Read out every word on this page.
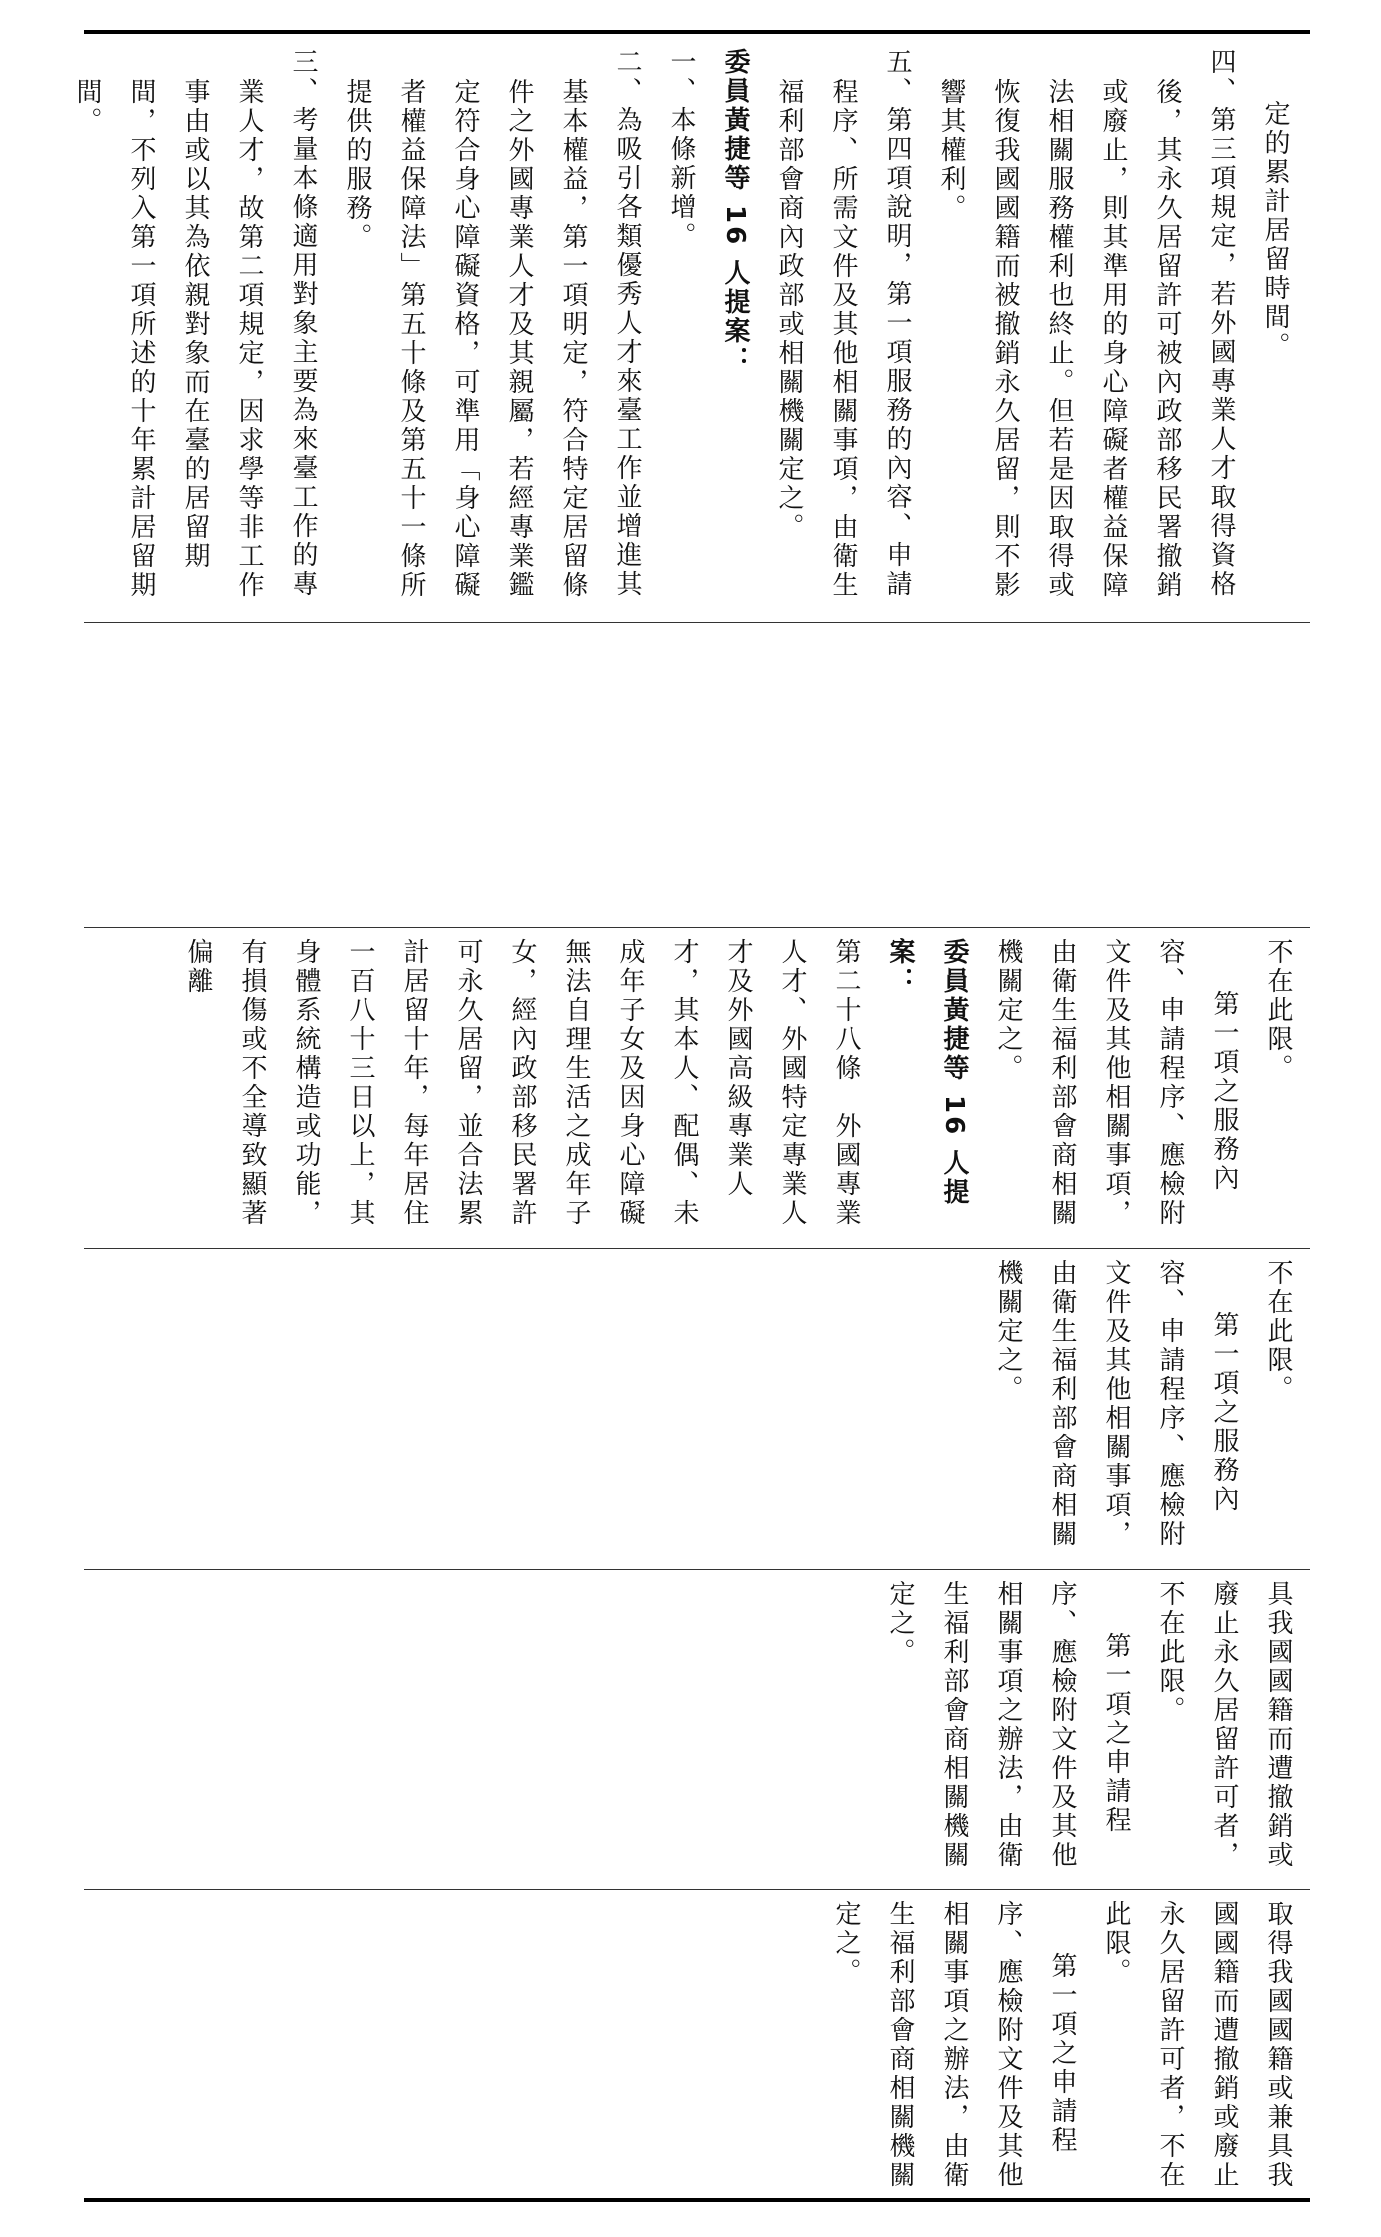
定的累計居留時間。

四、第三項規定，若外國專業人才取得資格後，其永久居留許可被內政部移民署撤銷或廢止，則其準用的身心障礙者權益保障法相關服務權利也終止。但若是因取得或恢復我國國籍而被撤銷永久居留，則不影響其權利。

五、第四項說明，第一項服務的內容、申請程序、所需文件及其他相關事項，由衛生福利部會商內政部或相關機關定之。

委員黃捷等 16 人提案：

一、本條新增。

二、為吸引各類優秀人才來臺工作並增進其基本權益，第一項明定，符合特定居留條件之外國專業人才及其親屬，若經專業鑑定符合身心障礙資格，可準用「身心障礙者權益保障法」第五十條及第五十一條所提供的服務。

三、考量本條適用對象主要為來臺工作的專業人才，故第二項規定，因求學等非工作事由或以其為依親對象而在臺的居留期間，不列入第一項所述的十年累計居留期間。

不在此限。

第一項之服務內容、申請程序、應檢附文件及其他相關事項，由衛生福利部會商相關機關定之。

委員黃捷等 16 人提案：

第二十八條　外國專業人才、外國特定專業人才及外國高級專業人才，其本人、配偶、未成年子女及因身心障礙無法自理生活之成年子女，經內政部移民署許可永久居留，並合法累計居留十年，每年居住一百八十三日以上，其身體系統構造或功能，有損傷或不全導致顯著偏離

不在此限。

第一項之服務內容、申請程序、應檢附文件及其他相關事項，由衛生福利部會商相關機關定之。

具我國國籍而遭撤銷或廢止永久居留許可者，不在此限。

第一項之申請程序、應檢附文件及其他相關事項之辦法，由衛生福利部會商相關機關定之。

取得我國國籍或兼具我國國籍而遭撤銷或廢止永久居留許可者，不在此限。

第一項之申請程序、應檢附文件及其他相關事項之辦法，由衛生福利部會商相關機關定之。
